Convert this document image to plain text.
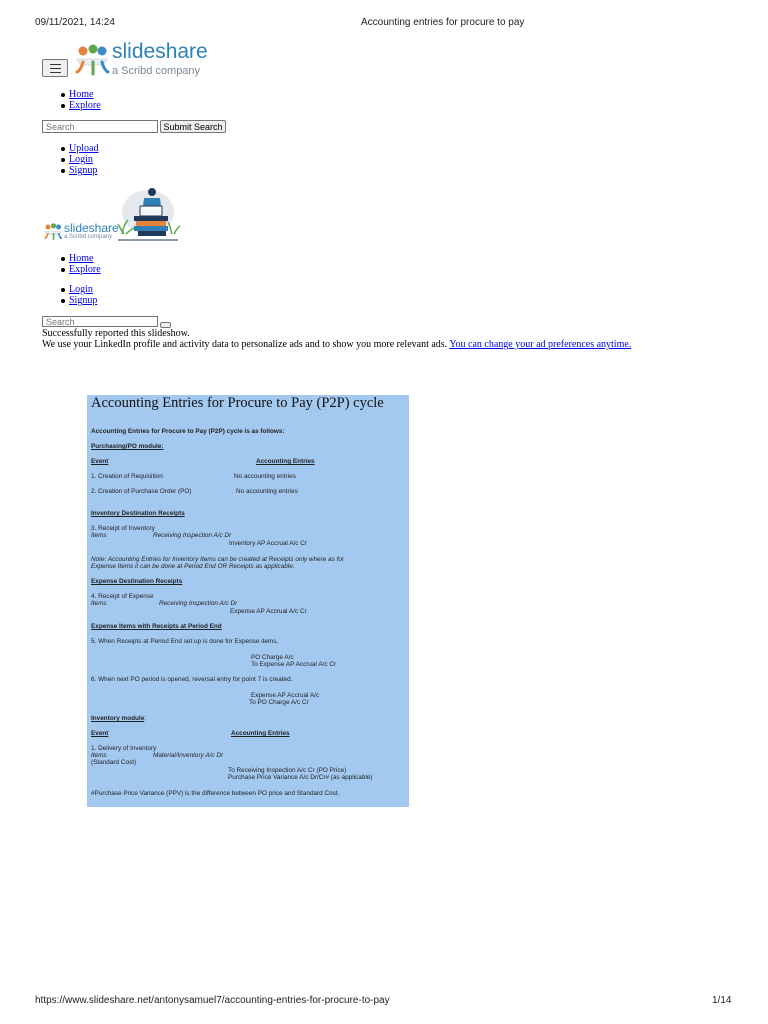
09/11/2021, 14:24	Accounting entries for procure to pay
slideshare
a Scribd company
Home
Explore
Search
Submit Search
Upload
Login
Signup
slideshare
a Scribd company
Home
Explore
Login
Signup
Search
Successfully reported this slideshow.
We use your LinkedIn profile and activity data to personalize ads and to show you more relevant ads. You can change your ad preferences anytime.
Accounting Entries for Procure to Pay (P2P) cycle
Accounting Entries for Procure to Pay (P2P) cycle is as follows:
Purchasing/PO module:
Event	Accounting Entries
1. Creation of Requisition	No accounting entries
2. Creation of Purchase Order (PO)	No accounting entries
Inventory Destination Receipts
3. Receipt of Inventory
Items	Receiving Inspection A/c Dr
Inventory AP Accrual A/c Cr
Note: Accounting Entries for Inventory Items can be created at Receipts only where as for
Expense Items it can be done at Period End OR Receipts as applicable.
Expense Destination Receipts
4. Receipt of Expense
Items	Receiving Inspection A/c Dr
Expense AP Accrual A/c Cr
Expense Items with Receipts at Period End
5. When Receipts at Period End set up is done for Expense items,
PO Charge A/c
To Expense AP Accrual A/c Cr
6. When next PO period is opened, reversal entry for point 7 is created.
Expense AP Accrual A/c
To PO Charge A/c Cr
Inventory module:
Event	Accounting Entries
1. Delivery of Inventory
Items	Material/Inventory A/c Dr
(Standard Cost)
To Receiving Inspection A/c Cr (PO Price)
Purchase Price Variance A/c Dr/Cr# (as applicable)
#Purchase Price Variance (PPV) is the difference between PO price and Standard Cost.
https://www.slideshare.net/antonysamuel7/accounting-entries-for-procure-to-pay	1/14
